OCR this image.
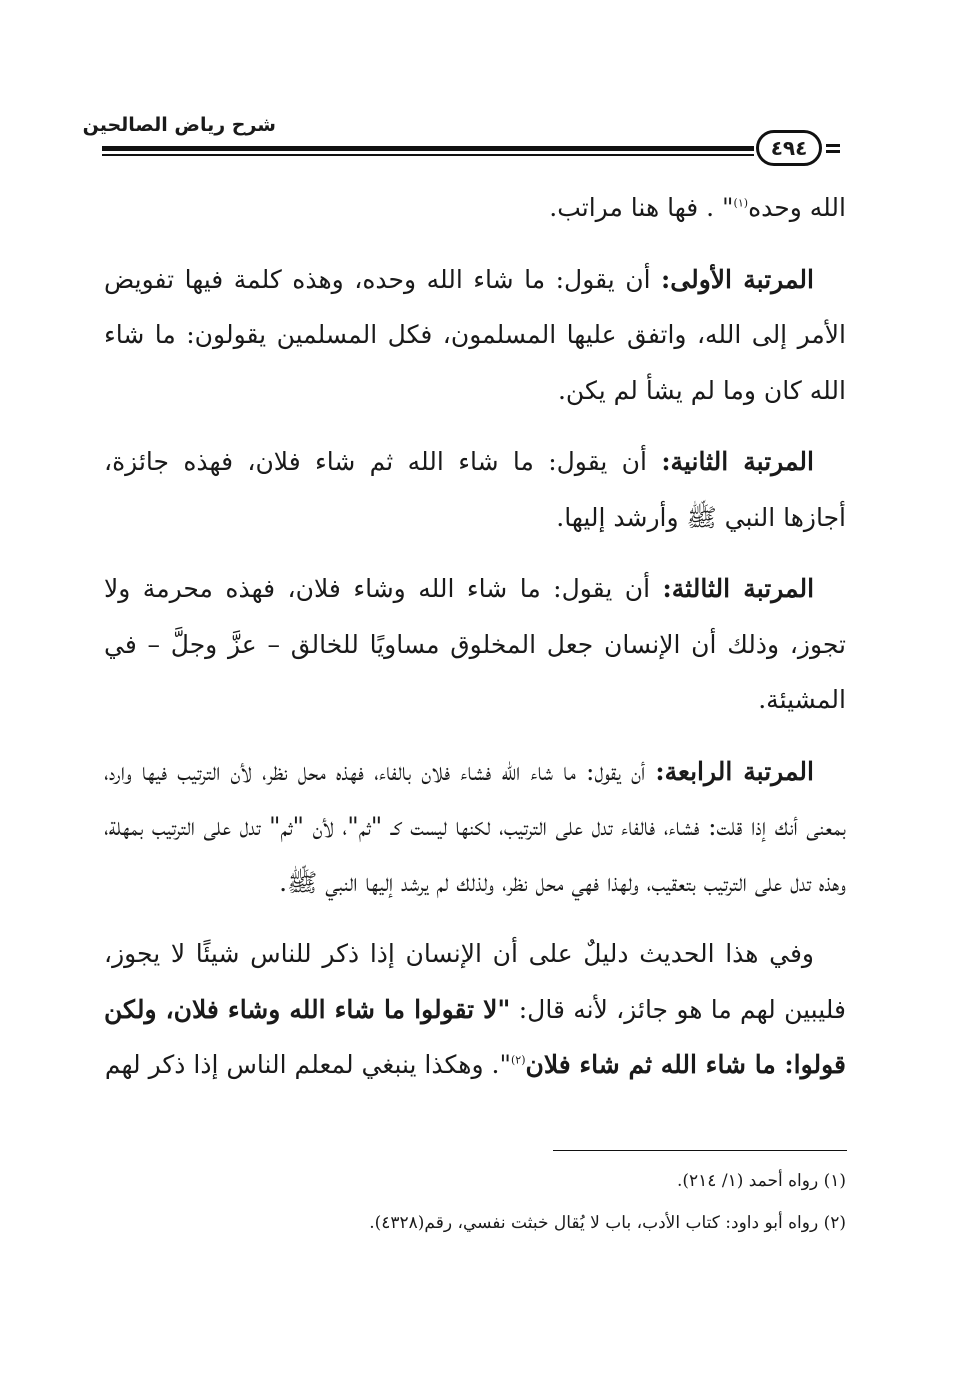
شرح رياض الصالحين
٤٩٤

الله وحده$^{(١)}$" . فها هنا مراتب.

المرتبة الأولى: أن يقول: ما شاء الله وحده، وهذه كلمة فيها تفويض الأمر إلى الله، واتفق عليها المسلمون، فكل المسلمين يقولون: ما شاء الله كان وما لم يشأ لم يكن.

المرتبة الثانية: أن يقول: ما شاء الله ثم شاء فلان، فهذه جائزة، أجازها النبي ﷺ وأرشد إليها.

المرتبة الثالثة: أن يقول: ما شاء الله وشاء فلان، فهذه محرمة ولا تجوز، وذلك أن الإنسان جعل المخلوق مساويًا للخالق – عزَّ وجلَّ – في المشيئة.

المرتبة الرابعة: أن يقول: ما شاء الله فشاء فلان بالفاء، فهذه محل نظر، لأن الترتيب فيها وارد، بمعنى أنك إذا قلت: فشاء، فالفاء تدل على الترتيب، لكنها ليست كـ "ثم"، لأن "ثم" تدل على الترتيب بمهلة، وهذه تدل على الترتيب بتعقيب، ولهذا فهي محل نظر، ولذلك لم يرشد إليها النبي ﷺ.

وفي هذا الحديث دليلٌ على أن الإنسان إذا ذكر للناس شيئًا لا يجوز، فليبين لهم ما هو جائز، لأنه قال: "لا تقولوا ما شاء الله وشاء فلان، ولكن قولوا: ما شاء الله ثم شاء فلان$^{(٢)}$". وهكذا ينبغي لمعلم الناس إذا ذكر لهم

(١) رواه أحمد (١/ ٢١٤).
(٢) رواه أبو داود: كتاب الأدب، باب لا يُقال خبثت نفسي، رقم(٤٣٢٨).
